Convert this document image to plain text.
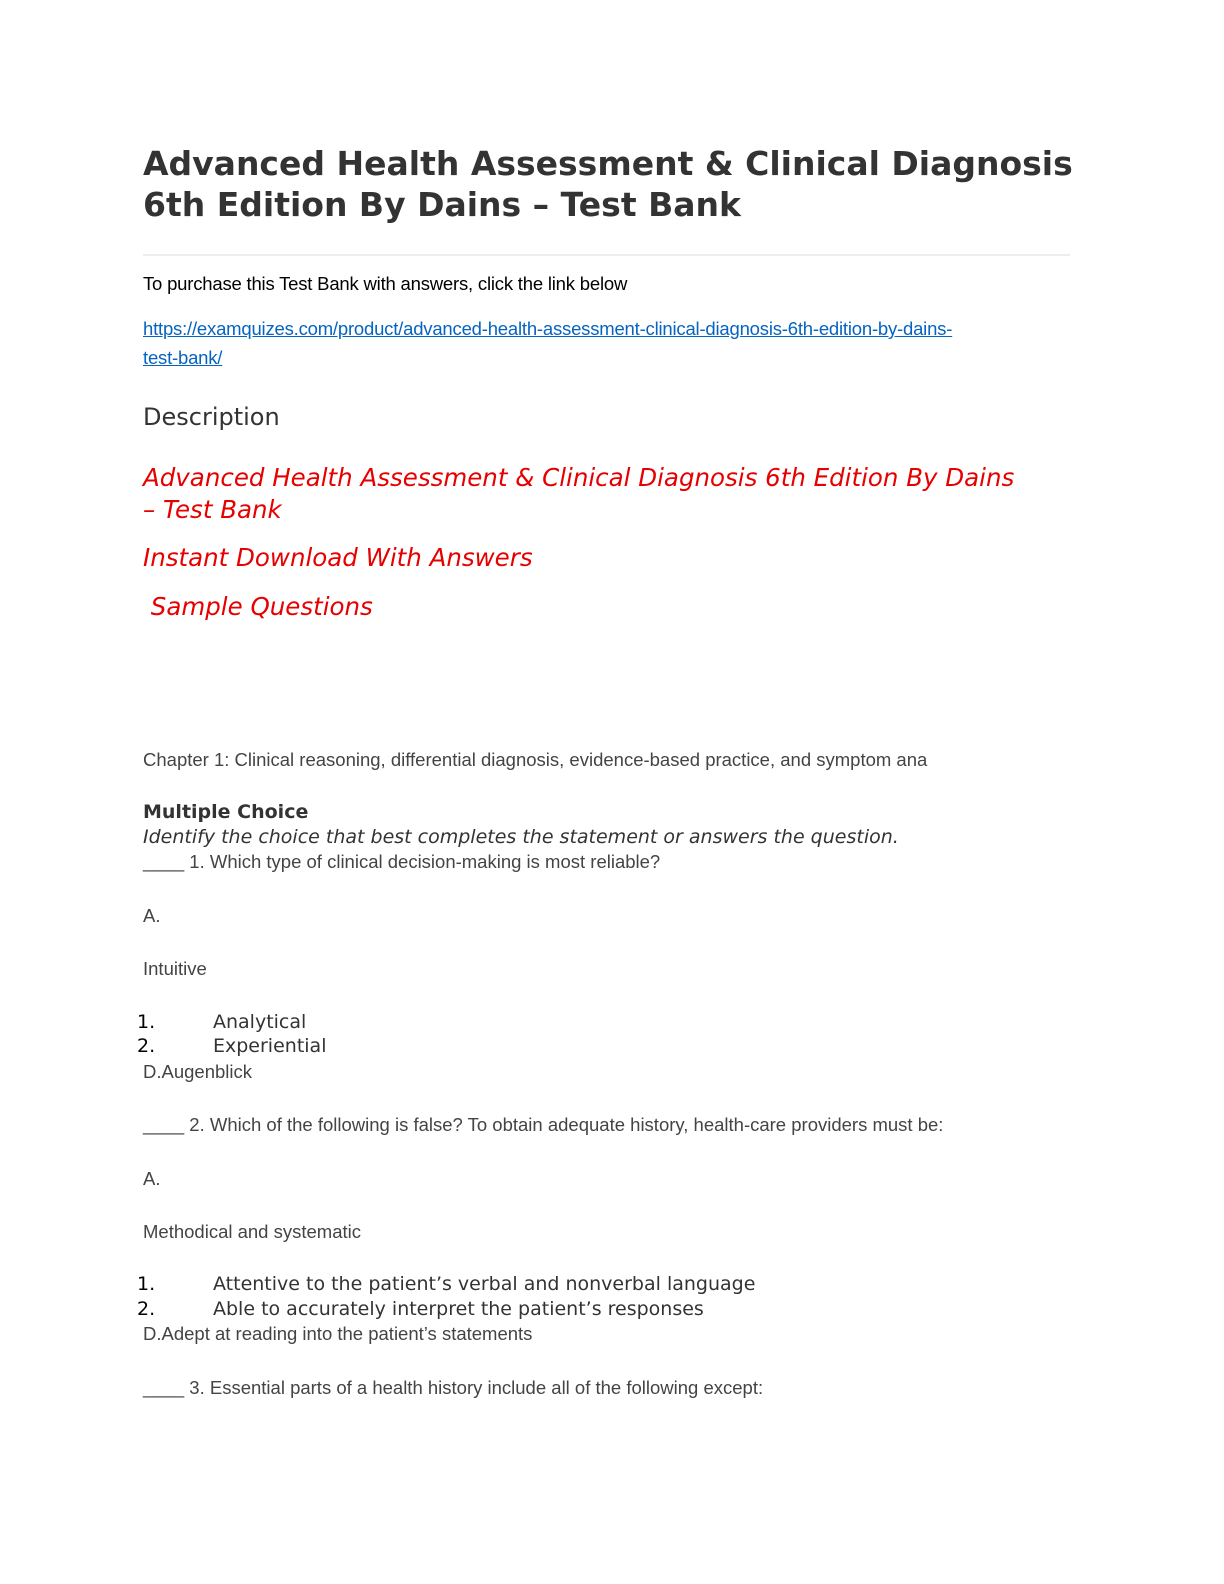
Advanced Health Assessment & Clinical Diagnosis 6th Edition By Dains – Test Bank
To purchase this Test Bank with answers, click the link below
https://examquizes.com/product/advanced-health-assessment-clinical-diagnosis-6th-edition-by-dains-
test-bank/
Description
Advanced Health Assessment & Clinical Diagnosis 6th Edition By Dains
– Test Bank
Instant Download With Answers
Sample Questions
Chapter 1: Clinical reasoning, differential diagnosis, evidence-based practice, and symptom ana
Multiple Choice
Identify the choice that best completes the statement or answers the question.
____ 1. Which type of clinical decision-making is most reliable?
A.
Intuitive
1.	Analytical
2.	Experiential
D.Augenblick
____ 2. Which of the following is false? To obtain adequate history, health-care providers must be:
A.
Methodical and systematic
1.	Attentive to the patient’s verbal and nonverbal language
2.	Able to accurately interpret the patient’s responses
D.Adept at reading into the patient’s statements
____ 3. Essential parts of a health history include all of the following except:
